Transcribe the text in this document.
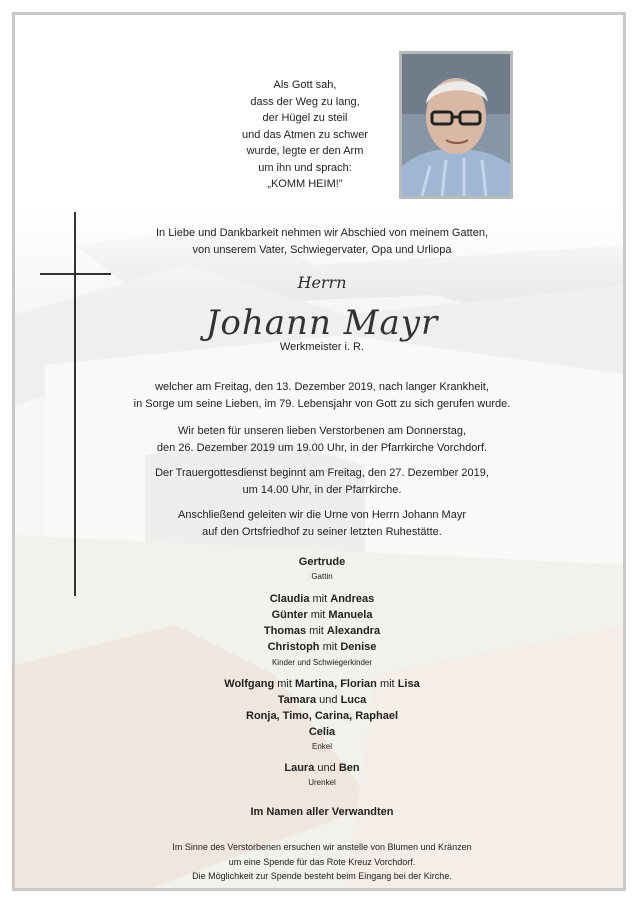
Als Gott sah,
dass der Weg zu lang,
der Hügel zu steil
und das Atmen zu schwer
wurde, legte er den Arm
um ihn und sprach:
„KOMM HEIM!"
In Liebe und Dankbarkeit nehmen wir Abschied von meinem Gatten,
von unserem Vater, Schwiegervater, Opa und Urliopa
Herrn
Johann Mayr
Werkmeister i. R.
welcher am Freitag, den 13. Dezember 2019, nach langer Krankheit,
in Sorge um seine Lieben, im 79. Lebensjahr von Gott zu sich gerufen wurde.
Wir beten für unseren lieben Verstorbenen am Donnerstag,
den 26. Dezember 2019 um 19.00 Uhr, in der Pfarrkirche Vorchdorf.
Der Trauergottesdienst beginnt am Freitag, den 27. Dezember 2019,
um 14.00 Uhr, in der Pfarrkirche.
Anschließend geleiten wir die Urne von Herrn Johann Mayr
auf den Ortsfriedhof zu seiner letzten Ruhestätte.
Gertrude
Gattin
Claudia mit Andreas
Günter mit Manuela
Thomas mit Alexandra
Christoph mit Denise
Kinder und Schwiegerkinder
Wolfgang mit Martina, Florian mit Lisa
Tamara und Luca
Ronja, Timo, Carina, Raphael
Celia
Enkel
Laura und Ben
Urenkel
Im Namen aller Verwandten
Im Sinne des Verstorbenen ersuchen wir anstelle von Blumen und Kränzen
um eine Spende für das Rote Kreuz Vorchdorf.
Die Möglichkeit zur Spende besteht beim Eingang bei der Kirche.
